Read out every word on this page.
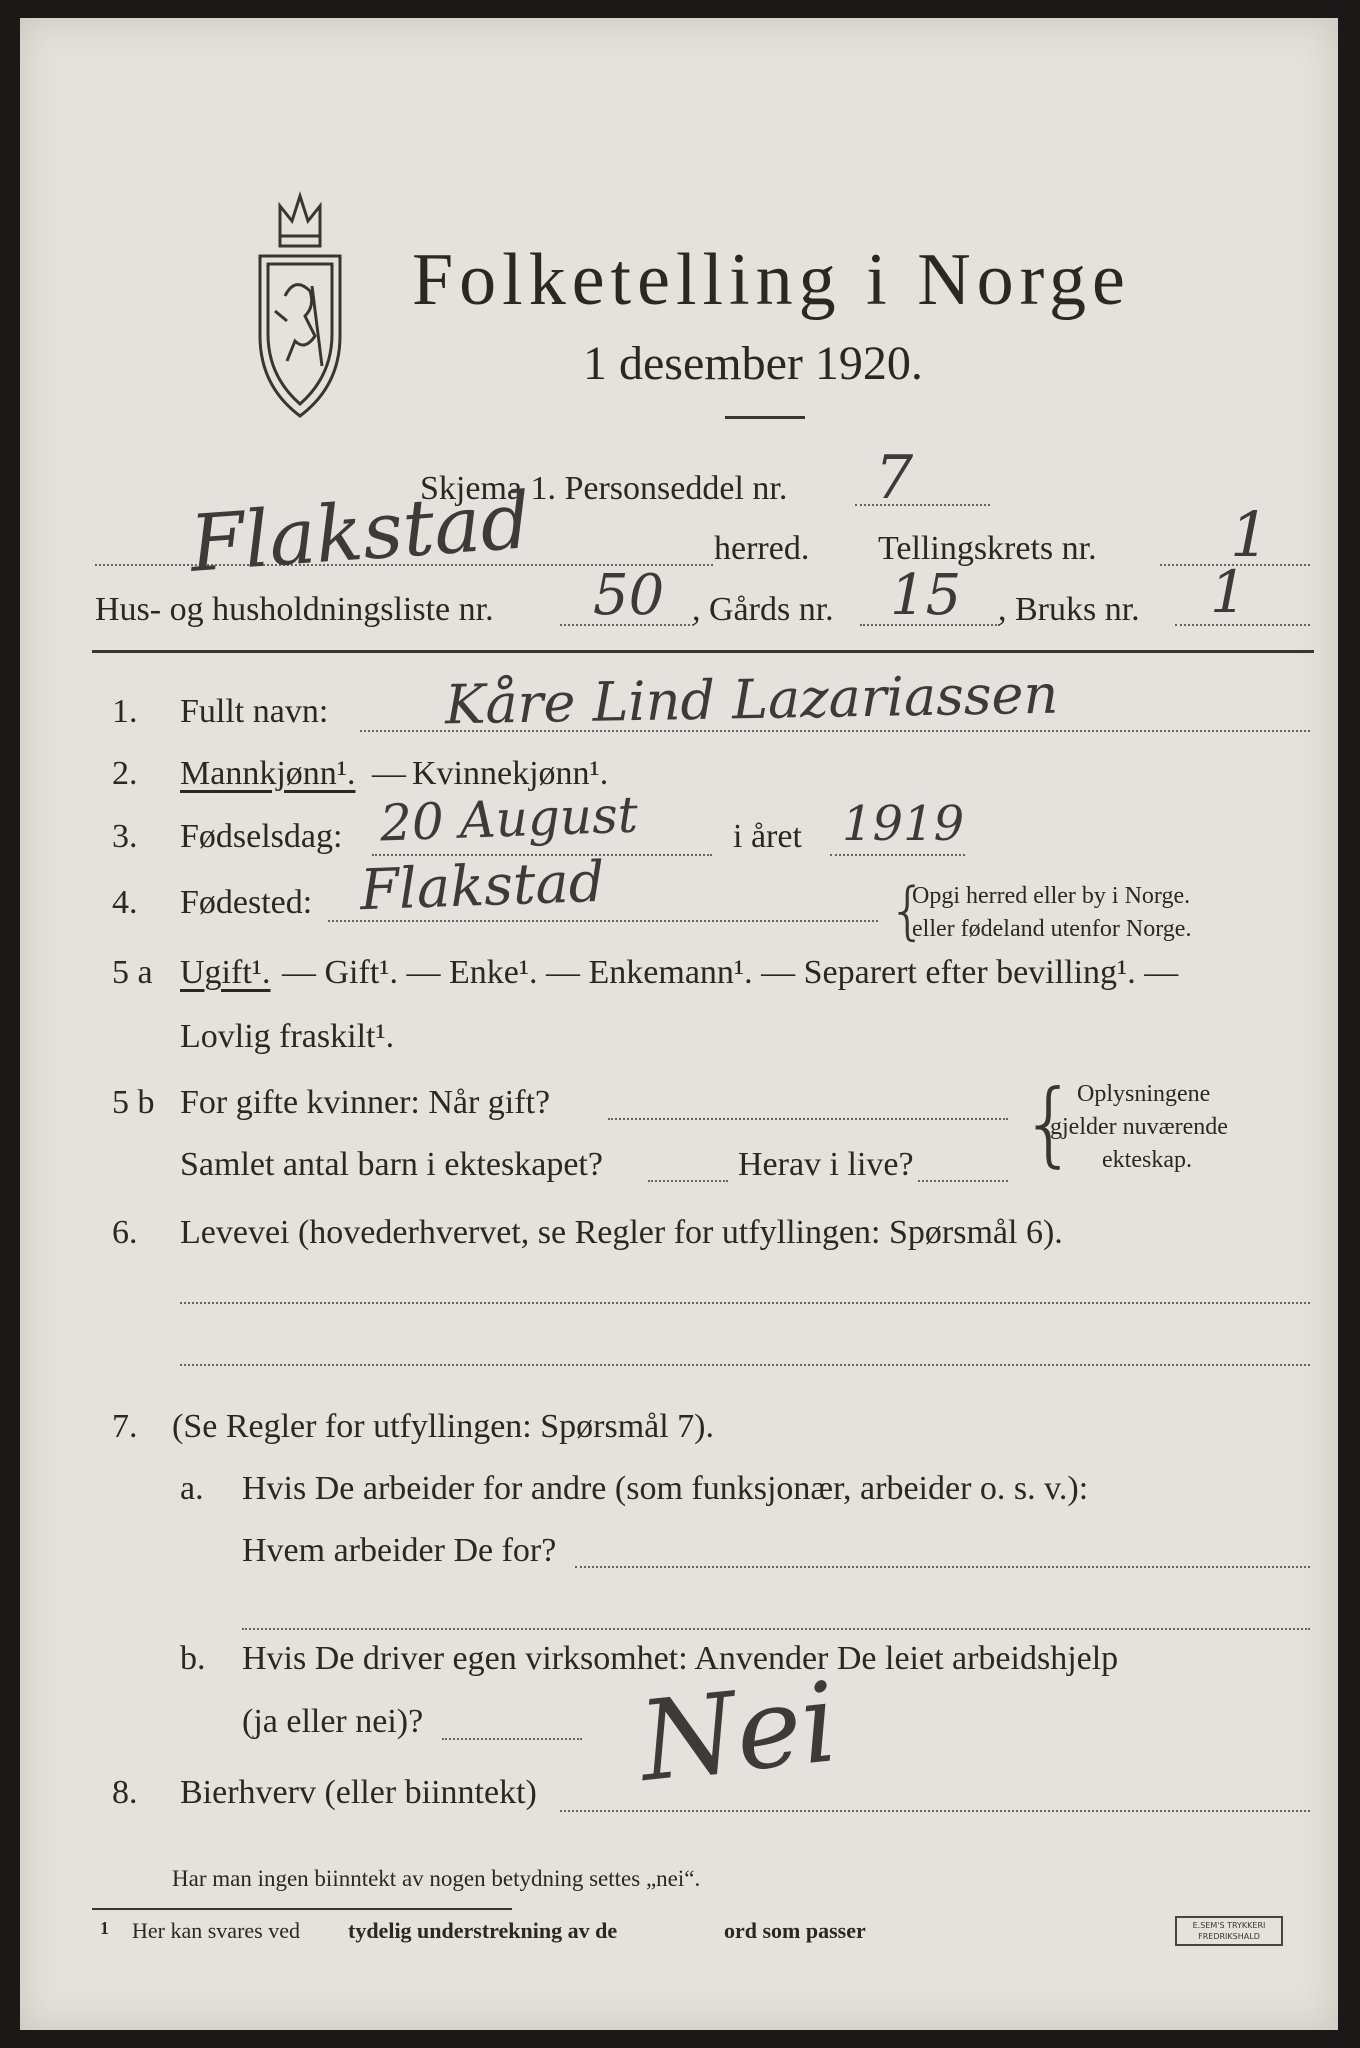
Folketelling i Norge
1 desember 1920.
Skjema 1. Personseddel nr. 7
Flakstad	herred. Tellingskrets nr. 1
Hus- og husholdningsliste nr. 50 , Gårds nr. 15 , Bruks nr. 1
1. Fullt navn: Kåre Lind Lazariassen
2. Mannkjønn¹. — Kvinnekjønn¹.
3. Fødselsdag: 20 August	i året 1919
4. Fødested: Flakstad	{
Opgi herred eller by i Norge.
eller fødeland utenfor Norge.
5 a Ugift¹. — Gift¹. — Enke¹. — Enkemann¹. — Separert efter bevilling¹. —
Lovlig fraskilt¹.
5 b For gifte kvinner: Når gift?
Samlet antal barn i ekteskapet?	Herav i live? {
Oplysningene
gjelder nuværende
ekteskap.
6. Levevei (hovederhvervet, se Regler for utfyllingen: Spørsmål 6).
7. (Se Regler for utfyllingen: Spørsmål 7).
a. Hvis De arbeider for andre (som funksjonær, arbeider o. s. v.):
Hvem arbeider De for?
b. Hvis De driver egen virksomhet: Anvender De leiet arbeidshjelp
(ja eller nei)? Nei
8. Bierhverv (eller biinntekt)
Har man ingen biinntekt av nogen betydning settes „nei“.
1 Her kan svares ved tydelig understrekning av de	ord som passer	E.SEM'S TRYKKERI
FREDRIKSHALD
